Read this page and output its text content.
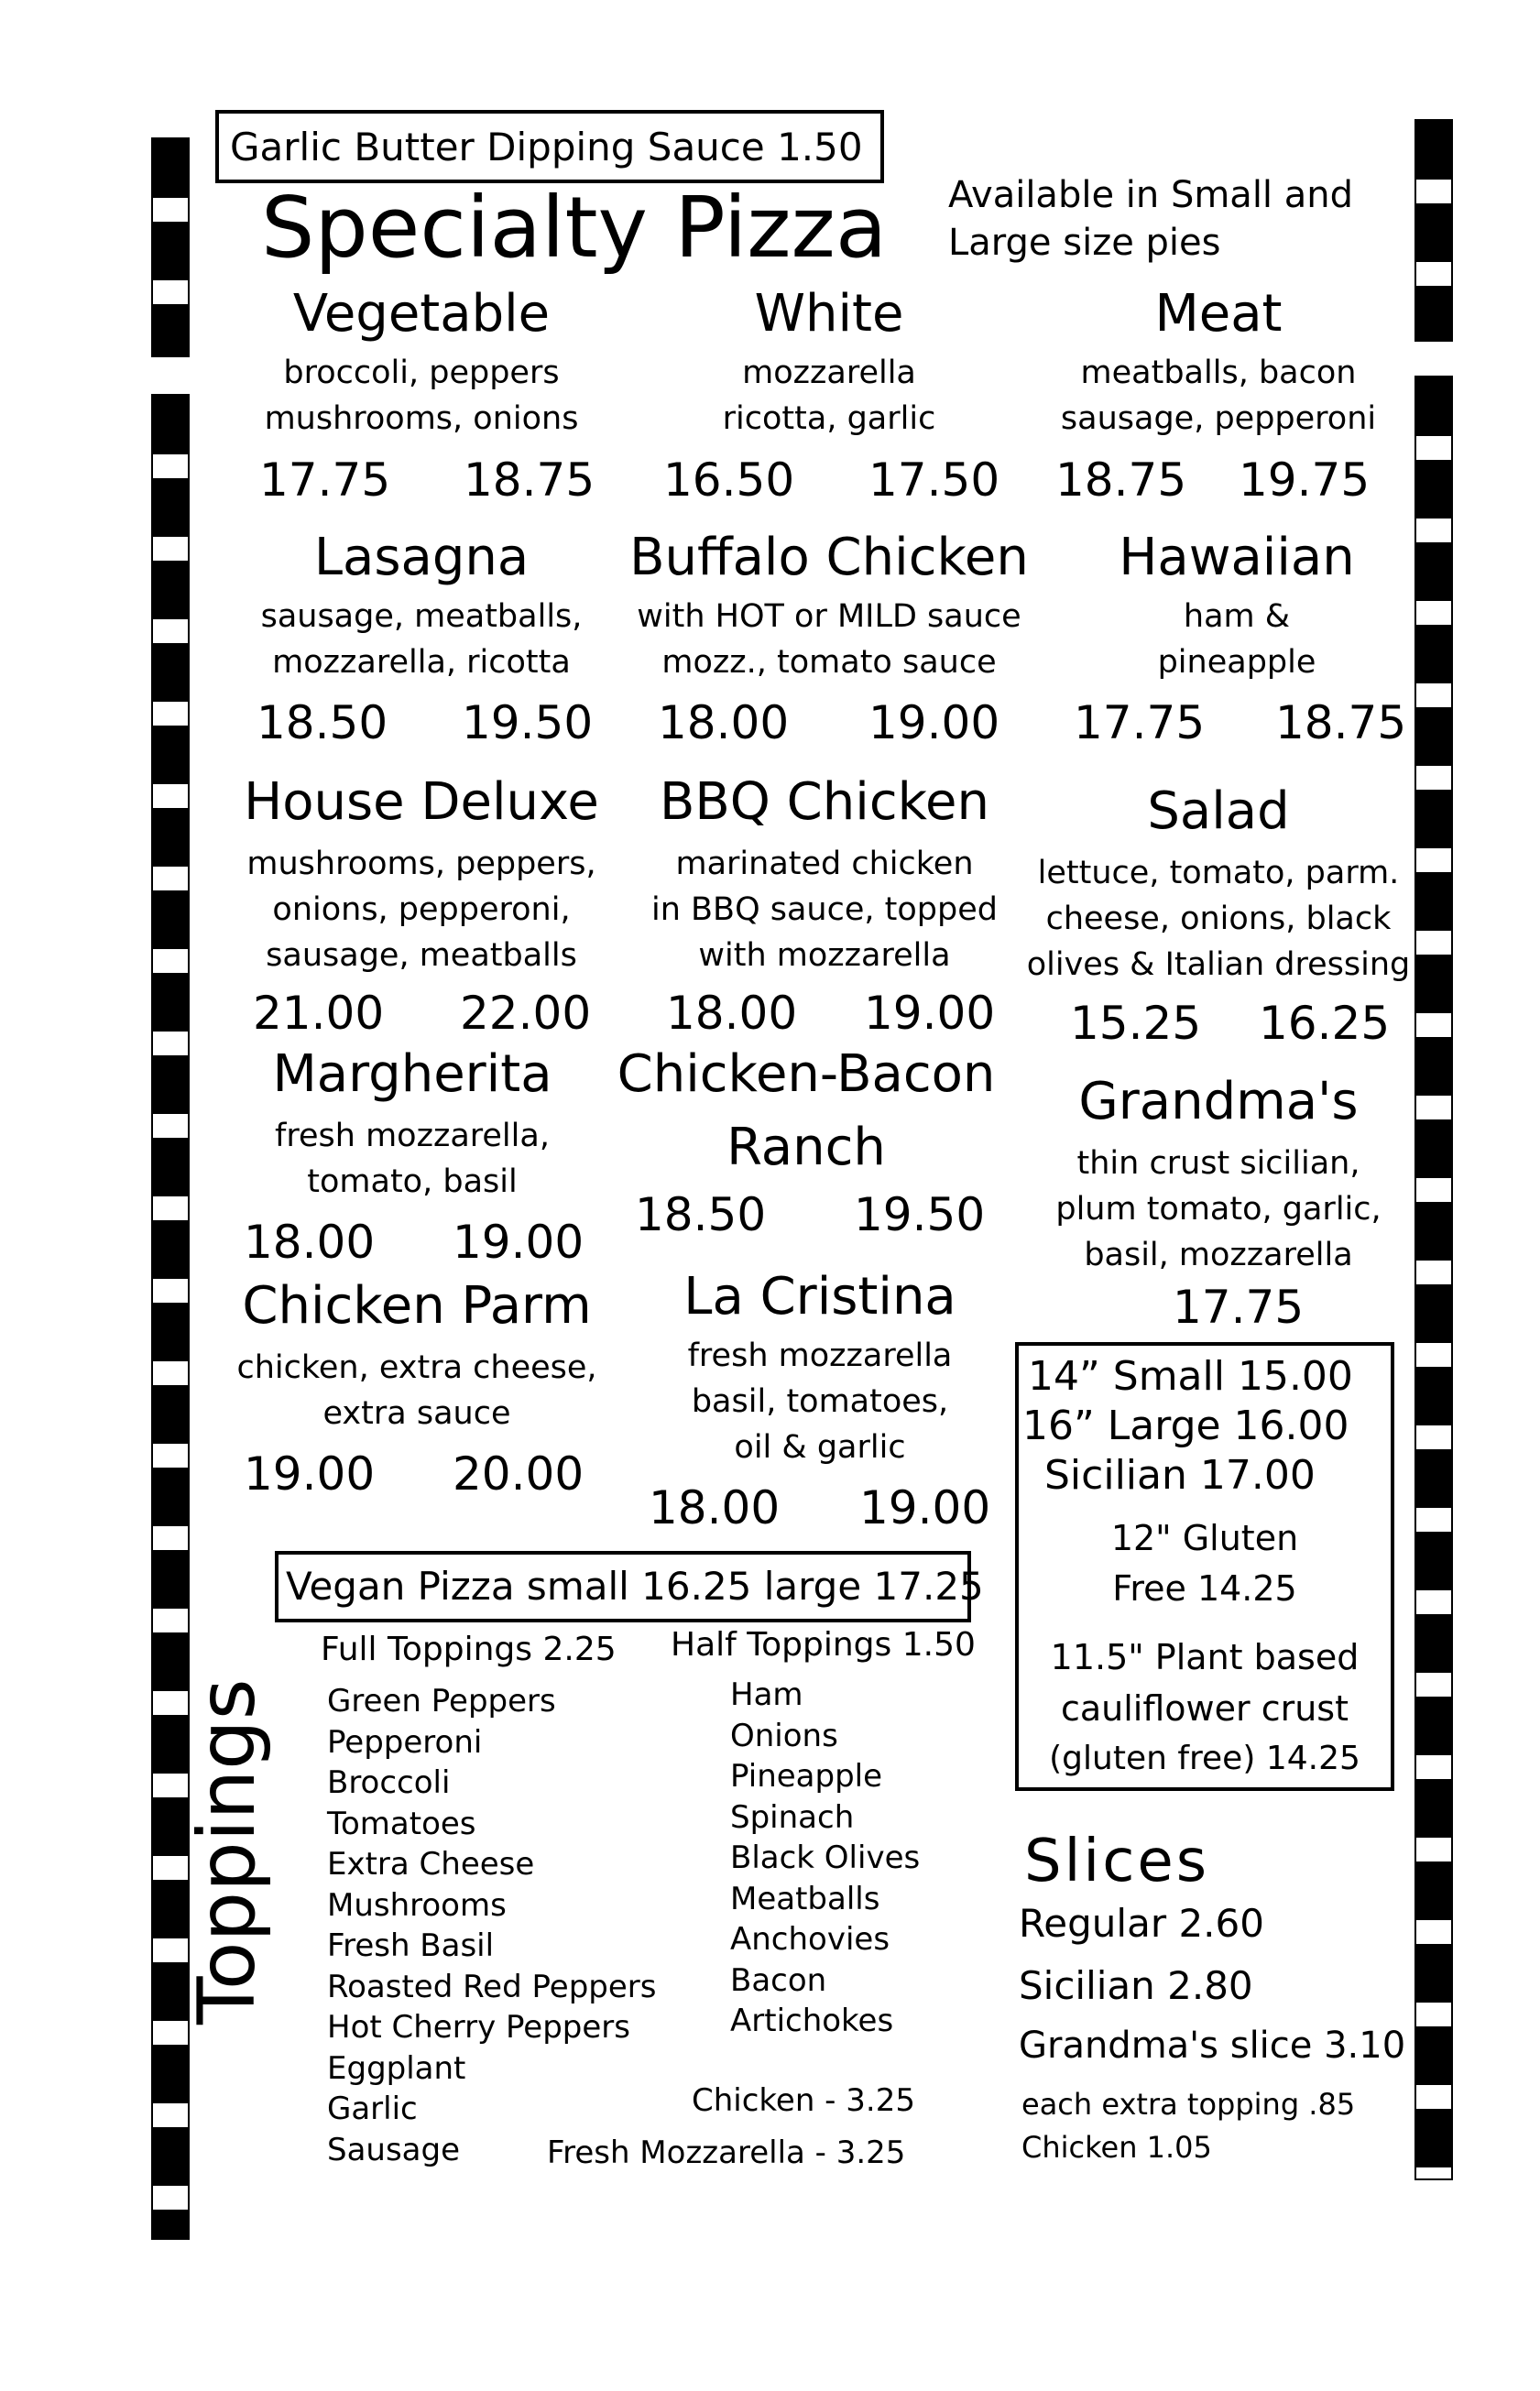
Garlic Butter Dipping Sauce 1.50
Specialty Pizza Available in Small and
Large size pies
Vegetable
broccoli, peppers
mushrooms, onions
17.75 18.75
White
mozzarella
ricotta, garlic
16.50 17.50
Meat
meatballs, bacon
sausage, pepperoni
18.75 19.75
Lasagna
sausage, meatballs,
mozzarella, ricotta
18.50 19.50
Buffalo Chicken
with HOT or MILD sauce
mozz., tomato sauce
18.00 19.00
Hawaiian
ham &
pineapple
17.75 18.75
House Deluxe
mushrooms, peppers,
onions, pepperoni,
sausage, meatballs
21.00 22.00
BBQ Chicken
marinated chicken
in BBQ sauce, topped
with mozzarella
18.00 19.00
Salad
lettuce, tomato, parm.
cheese, onions, black
olives & Italian dressing
15.25 16.25
Margherita
fresh mozzarella,
tomato, basil
18.00 19.00
Chicken-Bacon
Ranch
18.50 19.50
Grandma's
thin crust sicilian,
plum tomato, garlic,
basil, mozzarella
17.75
Chicken Parm
chicken, extra cheese,
extra sauce
19.00 20.00
La Cristina
fresh mozzarella
basil, tomatoes,
oil & garlic
18.00 19.00
14” Small 15.00
16” Large 16.00
Sicilian 17.00
12" Gluten
Free 14.25
11.5" Plant based
cauliflower crust
(gluten free) 14.25
Vegan Pizza small 16.25 large 17.25
Toppings
Full Toppings 2.25 Half Toppings 1.50
Green Peppers
Pepperoni
Broccoli
Tomatoes
Extra Cheese
Mushrooms
Fresh Basil
Roasted Red Peppers
Hot Cherry Peppers
Eggplant
Garlic
Sausage
Ham
Onions
Pineapple
Spinach
Black Olives
Meatballs
Anchovies
Bacon
Artichokes
Chicken - 3.25
Fresh Mozzarella - 3.25
Slices
Regular 2.60
Sicilian 2.80
Grandma's slice 3.10
each extra topping .85
Chicken 1.05
